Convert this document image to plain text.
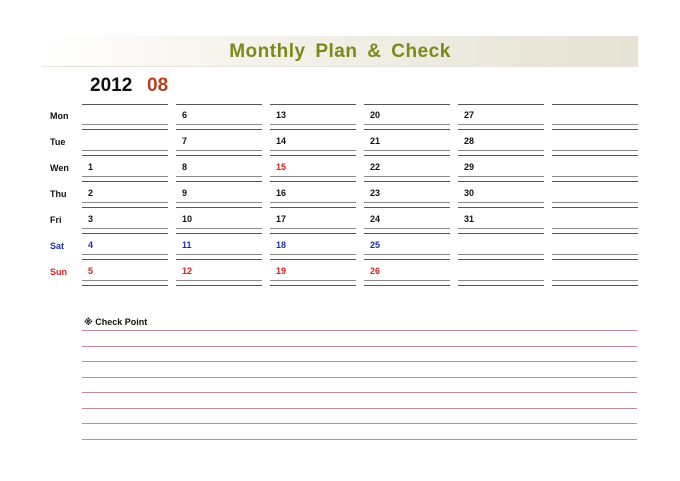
Monthly Plan & Check
2012 08
Mon
Tue
Wen
Thu
Fri
Sat
Sun
1
2
3
4
5
6
7
8
9
10
11
12
13
14
15
16
17
18
19
20
21
22
23
24
25
26
27
28
29
30
31
※ Check Point
